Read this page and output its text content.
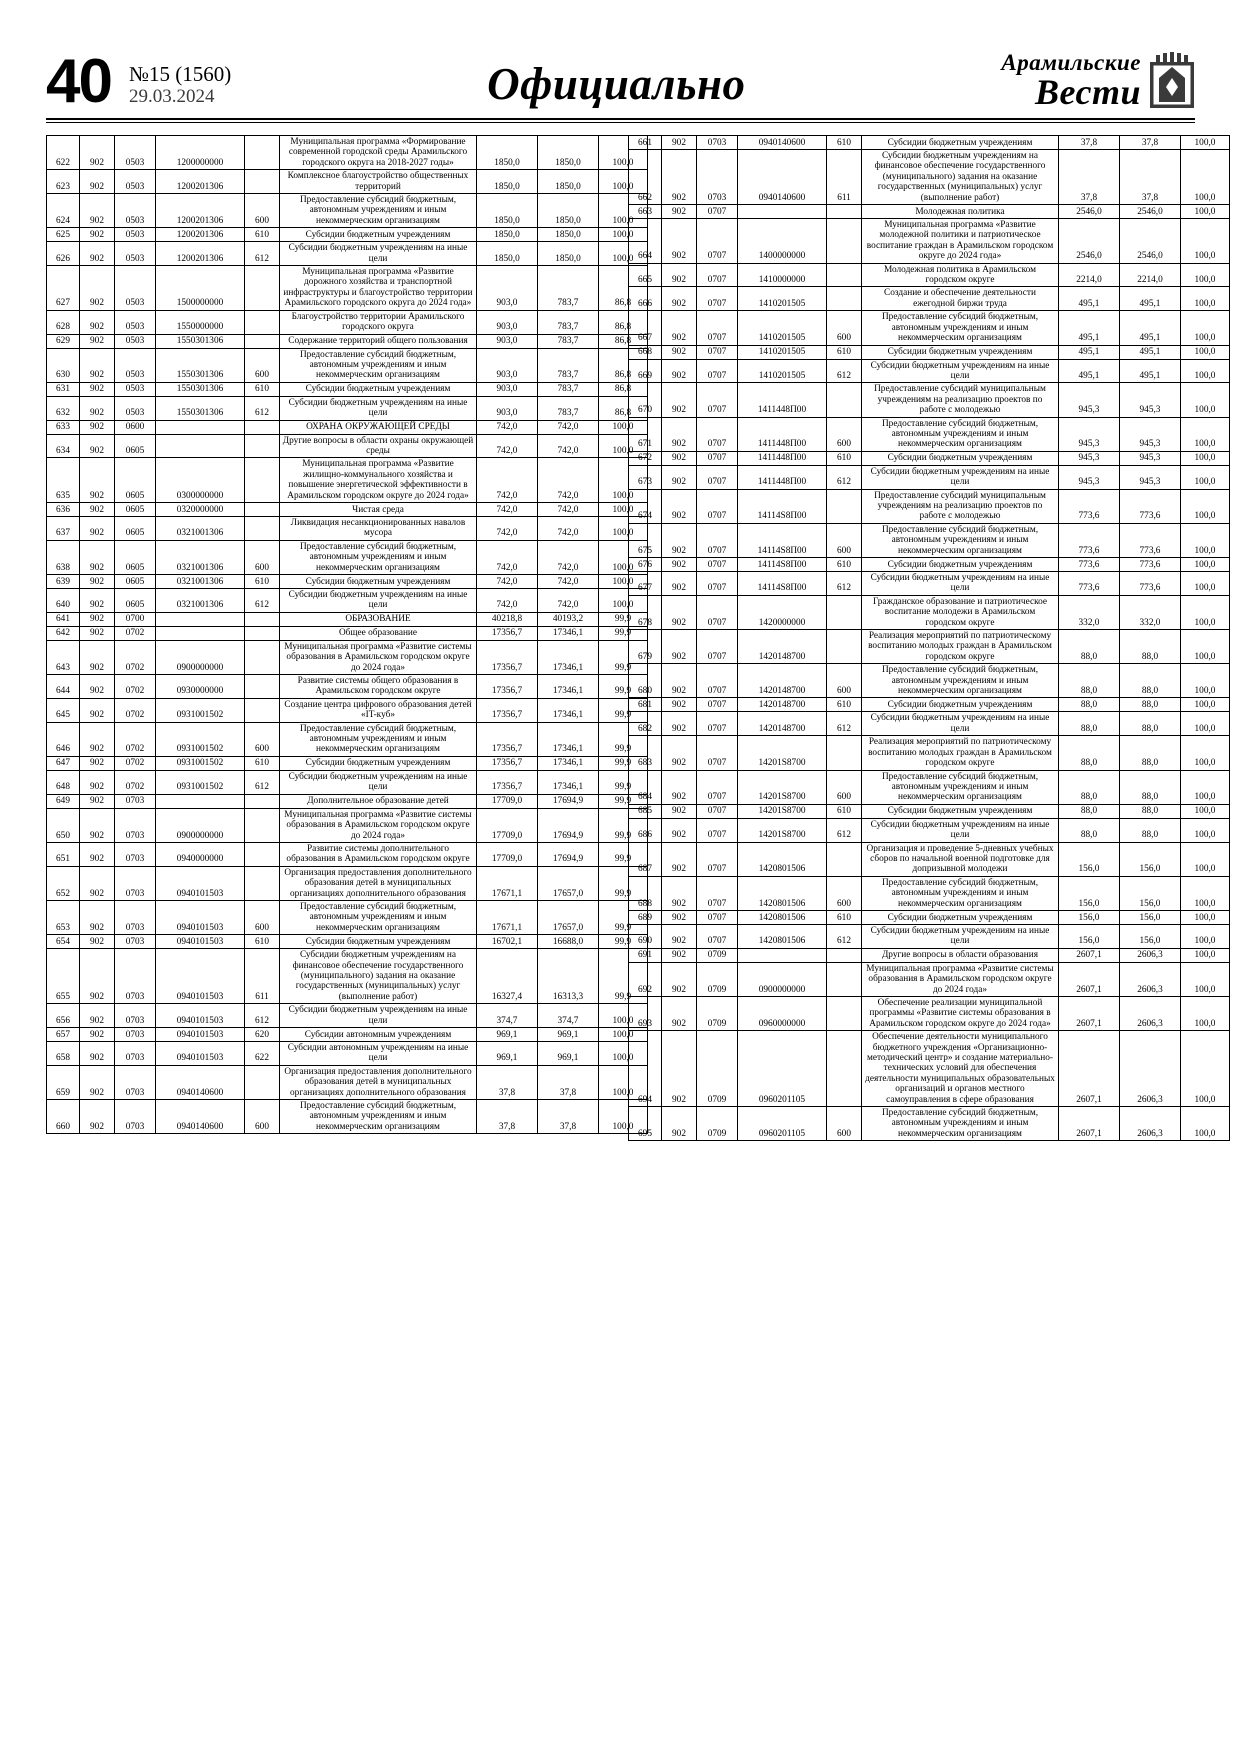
40 №15 (1560)
29.03.2024	Официально	Арамильские
Вести
622	902	0503	1200000000		Муниципальная программа «Формирование современной городской среды Арамильского городского округа на 2018-2027 годы»	1850,0	1850,0	100,0
623	902	0503	1200201306		Комплексное благоустройство общественных территорий	1850,0	1850,0	100,0
624	902	0503	1200201306	600	Предоставление субсидий бюджетным, автономным учреждениям и иным некоммерческим организациям	1850,0	1850,0	100,0
625	902	0503	1200201306	610	Субсидии бюджетным учреждениям	1850,0	1850,0	100,0
626	902	0503	1200201306	612	Субсидии бюджетным учреждениям на иные цели	1850,0	1850,0	100,0
627	902	0503	1500000000		Муниципальная программа «Развитие дорожного хозяйства и транспортной инфраструктуры и благоустройство территории Арамильского городского округа до 2024 года»	903,0	783,7	86,8
628	902	0503	1550000000		Благоустройство территории Арамильского городского округа	903,0	783,7	86,8
629	902	0503	1550301306		Содержание территорий общего пользования	903,0	783,7	86,8
630	902	0503	1550301306	600	Предоставление субсидий бюджетным, автономным учреждениям и иным некоммерческим организациям	903,0	783,7	86,8
631	902	0503	1550301306	610	Субсидии бюджетным учреждениям	903,0	783,7	86,8
632	902	0503	1550301306	612	Субсидии бюджетным учреждениям на иные цели	903,0	783,7	86,8
633	902	0600			ОХРАНА ОКРУЖАЮЩЕЙ СРЕДЫ	742,0	742,0	100,0
634	902	0605			Другие вопросы в области охраны окружающей среды	742,0	742,0	100,0
635	902	0605	0300000000		Муниципальная программа «Развитие жилищно-коммунального хозяйства и повышение энергетической эффективности в Арамильском городском округе до 2024 года»	742,0	742,0	100,0
636	902	0605	0320000000		Чистая среда	742,0	742,0	100,0
637	902	0605	0321001306		Ликвидация несанкционированных навалов мусора	742,0	742,0	100,0
638	902	0605	0321001306	600	Предоставление субсидий бюджетным, автономным учреждениям и иным некоммерческим организациям	742,0	742,0	100,0
639	902	0605	0321001306	610	Субсидии бюджетным учреждениям	742,0	742,0	100,0
640	902	0605	0321001306	612	Субсидии бюджетным учреждениям на иные цели	742,0	742,0	100,0
641	902	0700			ОБРАЗОВАНИЕ	40218,8	40193,2	99,9
642	902	0702			Общее образование	17356,7	17346,1	99,9
643	902	0702	0900000000		Муниципальная программа «Развитие системы образования в Арамильском городском округе до 2024 года»	17356,7	17346,1	99,9
644	902	0702	0930000000		Развитие системы общего образования в Арамильском городском округе	17356,7	17346,1	99,9
645	902	0702	0931001502		Создание центра цифрового образования детей «IT-куб»	17356,7	17346,1	99,9
646	902	0702	0931001502	600	Предоставление субсидий бюджетным, автономным учреждениям и иным некоммерческим организациям	17356,7	17346,1	99,9
647	902	0702	0931001502	610	Субсидии бюджетным учреждениям	17356,7	17346,1	99,9
648	902	0702	0931001502	612	Субсидии бюджетным учреждениям на иные цели	17356,7	17346,1	99,9
649	902	0703			Дополнительное образование детей	17709,0	17694,9	99,9
650	902	0703	0900000000		Муниципальная программа «Развитие системы образования в Арамильском городском округе до 2024 года»	17709,0	17694,9	99,9
651	902	0703	0940000000		Развитие системы дополнительного образования в Арамильском городском округе	17709,0	17694,9	99,9
652	902	0703	0940101503		Организация предоставления дополнительного образования детей в муниципальных организациях дополнительного образования	17671,1	17657,0	99,9
653	902	0703	0940101503	600	Предоставление субсидий бюджетным, автономным учреждениям и иным некоммерческим организациям	17671,1	17657,0	99,9
654	902	0703	0940101503	610	Субсидии бюджетным учреждениям	16702,1	16688,0	99,9
655	902	0703	0940101503	611	Субсидии бюджетным учреждениям на финансовое обеспечение государственного (муниципального) задания на оказание государственных (муниципальных) услуг (выполнение работ)	16327,4	16313,3	99,9
656	902	0703	0940101503	612	Субсидии бюджетным учреждениям на иные цели	374,7	374,7	100,0
657	902	0703	0940101503	620	Субсидии автономным учреждениям	969,1	969,1	100,0
658	902	0703	0940101503	622	Субсидии автономным учреждениям на иные цели	969,1	969,1	100,0
659	902	0703	0940140600		Организация предоставления дополнительного образования детей в муниципальных организациях дополнительного образования	37,8	37,8	100,0
660	902	0703	0940140600	600	Предоставление субсидий бюджетным, автономным учреждениям и иным некоммерческим организациям	37,8	37,8	100,0
661	902	0703	0940140600	610	Субсидии бюджетным учреждениям	37,8	37,8	100,0
662	902	0703	0940140600	611	Субсидии бюджетным учреждениям на финансовое обеспечение государственного (муниципального) задания на оказание государственных (муниципальных) услуг (выполнение работ)	37,8	37,8	100,0
663	902	0707			Молодежная политика	2546,0	2546,0	100,0
664	902	0707	1400000000		Муниципальная программа «Развитие молодежной политики и патриотическое воспитание граждан в Арамильском городском округе до 2024 года»	2546,0	2546,0	100,0
665	902	0707	1410000000		Молодежная политика в Арамильском городском округе	2214,0	2214,0	100,0
666	902	0707	1410201505		Создание и обеспечение деятельности ежегодной биржи труда	495,1	495,1	100,0
667	902	0707	1410201505	600	Предоставление субсидий бюджетным, автономным учреждениям и иным некоммерческим организациям	495,1	495,1	100,0
668	902	0707	1410201505	610	Субсидии бюджетным учреждениям	495,1	495,1	100,0
669	902	0707	1410201505	612	Субсидии бюджетным учреждениям на иные цели	495,1	495,1	100,0
670	902	0707	1411448П00		Предоставление субсидий муниципальным учреждениям на реализацию проектов по работе с молодежью	945,3	945,3	100,0
671	902	0707	1411448П00	600	Предоставление субсидий бюджетным, автономным учреждениям и иным некоммерческим организациям	945,3	945,3	100,0
672	902	0707	1411448П00	610	Субсидии бюджетным учреждениям	945,3	945,3	100,0
673	902	0707	1411448П00	612	Субсидии бюджетным учреждениям на иные цели	945,3	945,3	100,0
674	902	0707	14114S8П00		Предоставление субсидий муниципальным учреждениям на реализацию проектов по работе с молодежью	773,6	773,6	100,0
675	902	0707	14114S8П00	600	Предоставление субсидий бюджетным, автономным учреждениям и иным некоммерческим организациям	773,6	773,6	100,0
676	902	0707	14114S8П00	610	Субсидии бюджетным учреждениям	773,6	773,6	100,0
677	902	0707	14114S8П00	612	Субсидии бюджетным учреждениям на иные цели	773,6	773,6	100,0
678	902	0707	1420000000		Гражданское образование и патриотическое воспитание молодежи в Арамильском городском округе	332,0	332,0	100,0
679	902	0707	1420148700		Реализация мероприятий по патриотическому воспитанию молодых граждан в Арамильском городском округе	88,0	88,0	100,0
680	902	0707	1420148700	600	Предоставление субсидий бюджетным, автономным учреждениям и иным некоммерческим организациям	88,0	88,0	100,0
681	902	0707	1420148700	610	Субсидии бюджетным учреждениям	88,0	88,0	100,0
682	902	0707	1420148700	612	Субсидии бюджетным учреждениям на иные цели	88,0	88,0	100,0
683	902	0707	14201S8700		Реализация мероприятий по патриотическому воспитанию молодых граждан в Арамильском городском округе	88,0	88,0	100,0
684	902	0707	14201S8700	600	Предоставление субсидий бюджетным, автономным учреждениям и иным некоммерческим организациям	88,0	88,0	100,0
685	902	0707	14201S8700	610	Субсидии бюджетным учреждениям	88,0	88,0	100,0
686	902	0707	14201S8700	612	Субсидии бюджетным учреждениям на иные цели	88,0	88,0	100,0
687	902	0707	1420801506		Организация и проведение 5-дневных учебных сборов по начальной военной подготовке для допризывной молодежи	156,0	156,0	100,0
688	902	0707	1420801506	600	Предоставление субсидий бюджетным, автономным учреждениям и иным некоммерческим организациям	156,0	156,0	100,0
689	902	0707	1420801506	610	Субсидии бюджетным учреждениям	156,0	156,0	100,0
690	902	0707	1420801506	612	Субсидии бюджетным учреждениям на иные цели	156,0	156,0	100,0
691	902	0709			Другие вопросы в области образования	2607,1	2606,3	100,0
692	902	0709	0900000000		Муниципальная программа «Развитие системы образования в Арамильском городском округе до 2024 года»	2607,1	2606,3	100,0
693	902	0709	0960000000		Обеспечение реализации муниципальной программы «Развитие системы образования в Арамильском городском округе до 2024 года»	2607,1	2606,3	100,0
694	902	0709	0960201105		Обеспечение деятельности муниципального бюджетного учреждения «Организационно-методический центр» и создание материально-технических условий для обеспечения деятельности муниципальных образовательных организаций и органов местного самоуправления в сфере образования	2607,1	2606,3	100,0
695	902	0709	0960201105	600	Предоставление субсидий бюджетным, автономным учреждениям и иным некоммерческим организациям	2607,1	2606,3	100,0
